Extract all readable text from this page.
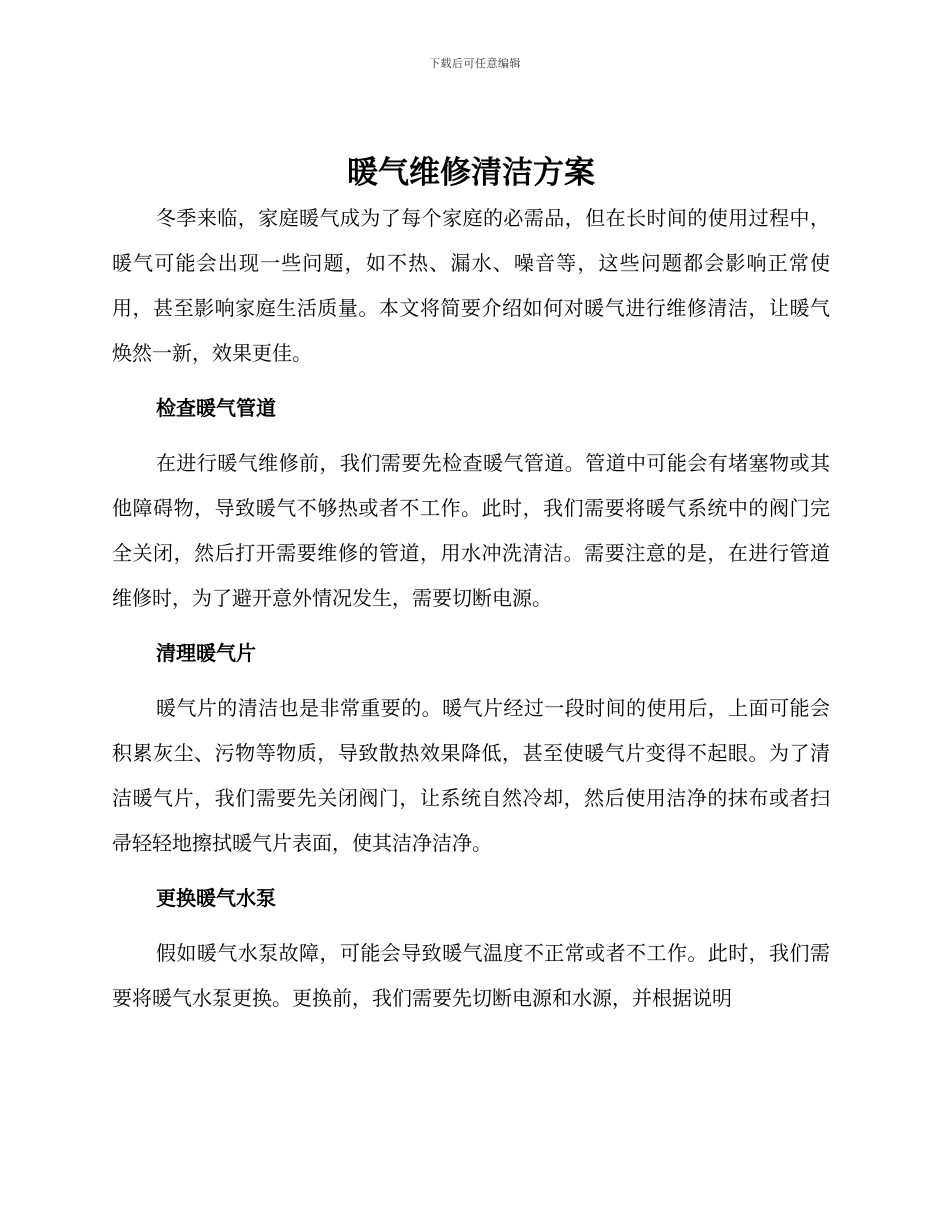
下载后可任意编辑
暖气维修清洁方案

冬季来临，家庭暖气成为了每个家庭的必需品，但在长时间的使用过程中，暖气可能会出现一些问题，如不热、漏水、噪音等，这些问题都会影响正常使用，甚至影响家庭生活质量。本文将简要介绍如何对暖气进行维修清洁，让暖气焕然一新，效果更佳。

检查暖气管道

在进行暖气维修前，我们需要先检查暖气管道。管道中可能会有堵塞物或其他障碍物，导致暖气不够热或者不工作。此时，我们需要将暖气系统中的阀门完全关闭，然后打开需要维修的管道，用水冲洗清洁。需要注意的是，在进行管道维修时，为了避开意外情况发生，需要切断电源。

清理暖气片

暖气片的清洁也是非常重要的。暖气片经过一段时间的使用后，上面可能会积累灰尘、污物等物质，导致散热效果降低，甚至使暖气片变得不起眼。为了清洁暖气片，我们需要先关闭阀门，让系统自然冷却，然后使用洁净的抹布或者扫帚轻轻地擦拭暖气片表面，使其洁净洁净。

更换暖气水泵

假如暖气水泵故障，可能会导致暖气温度不正常或者不工作。此时，我们需要将暖气水泵更换。更换前，我们需要先切断电源和水源，并根据说明
